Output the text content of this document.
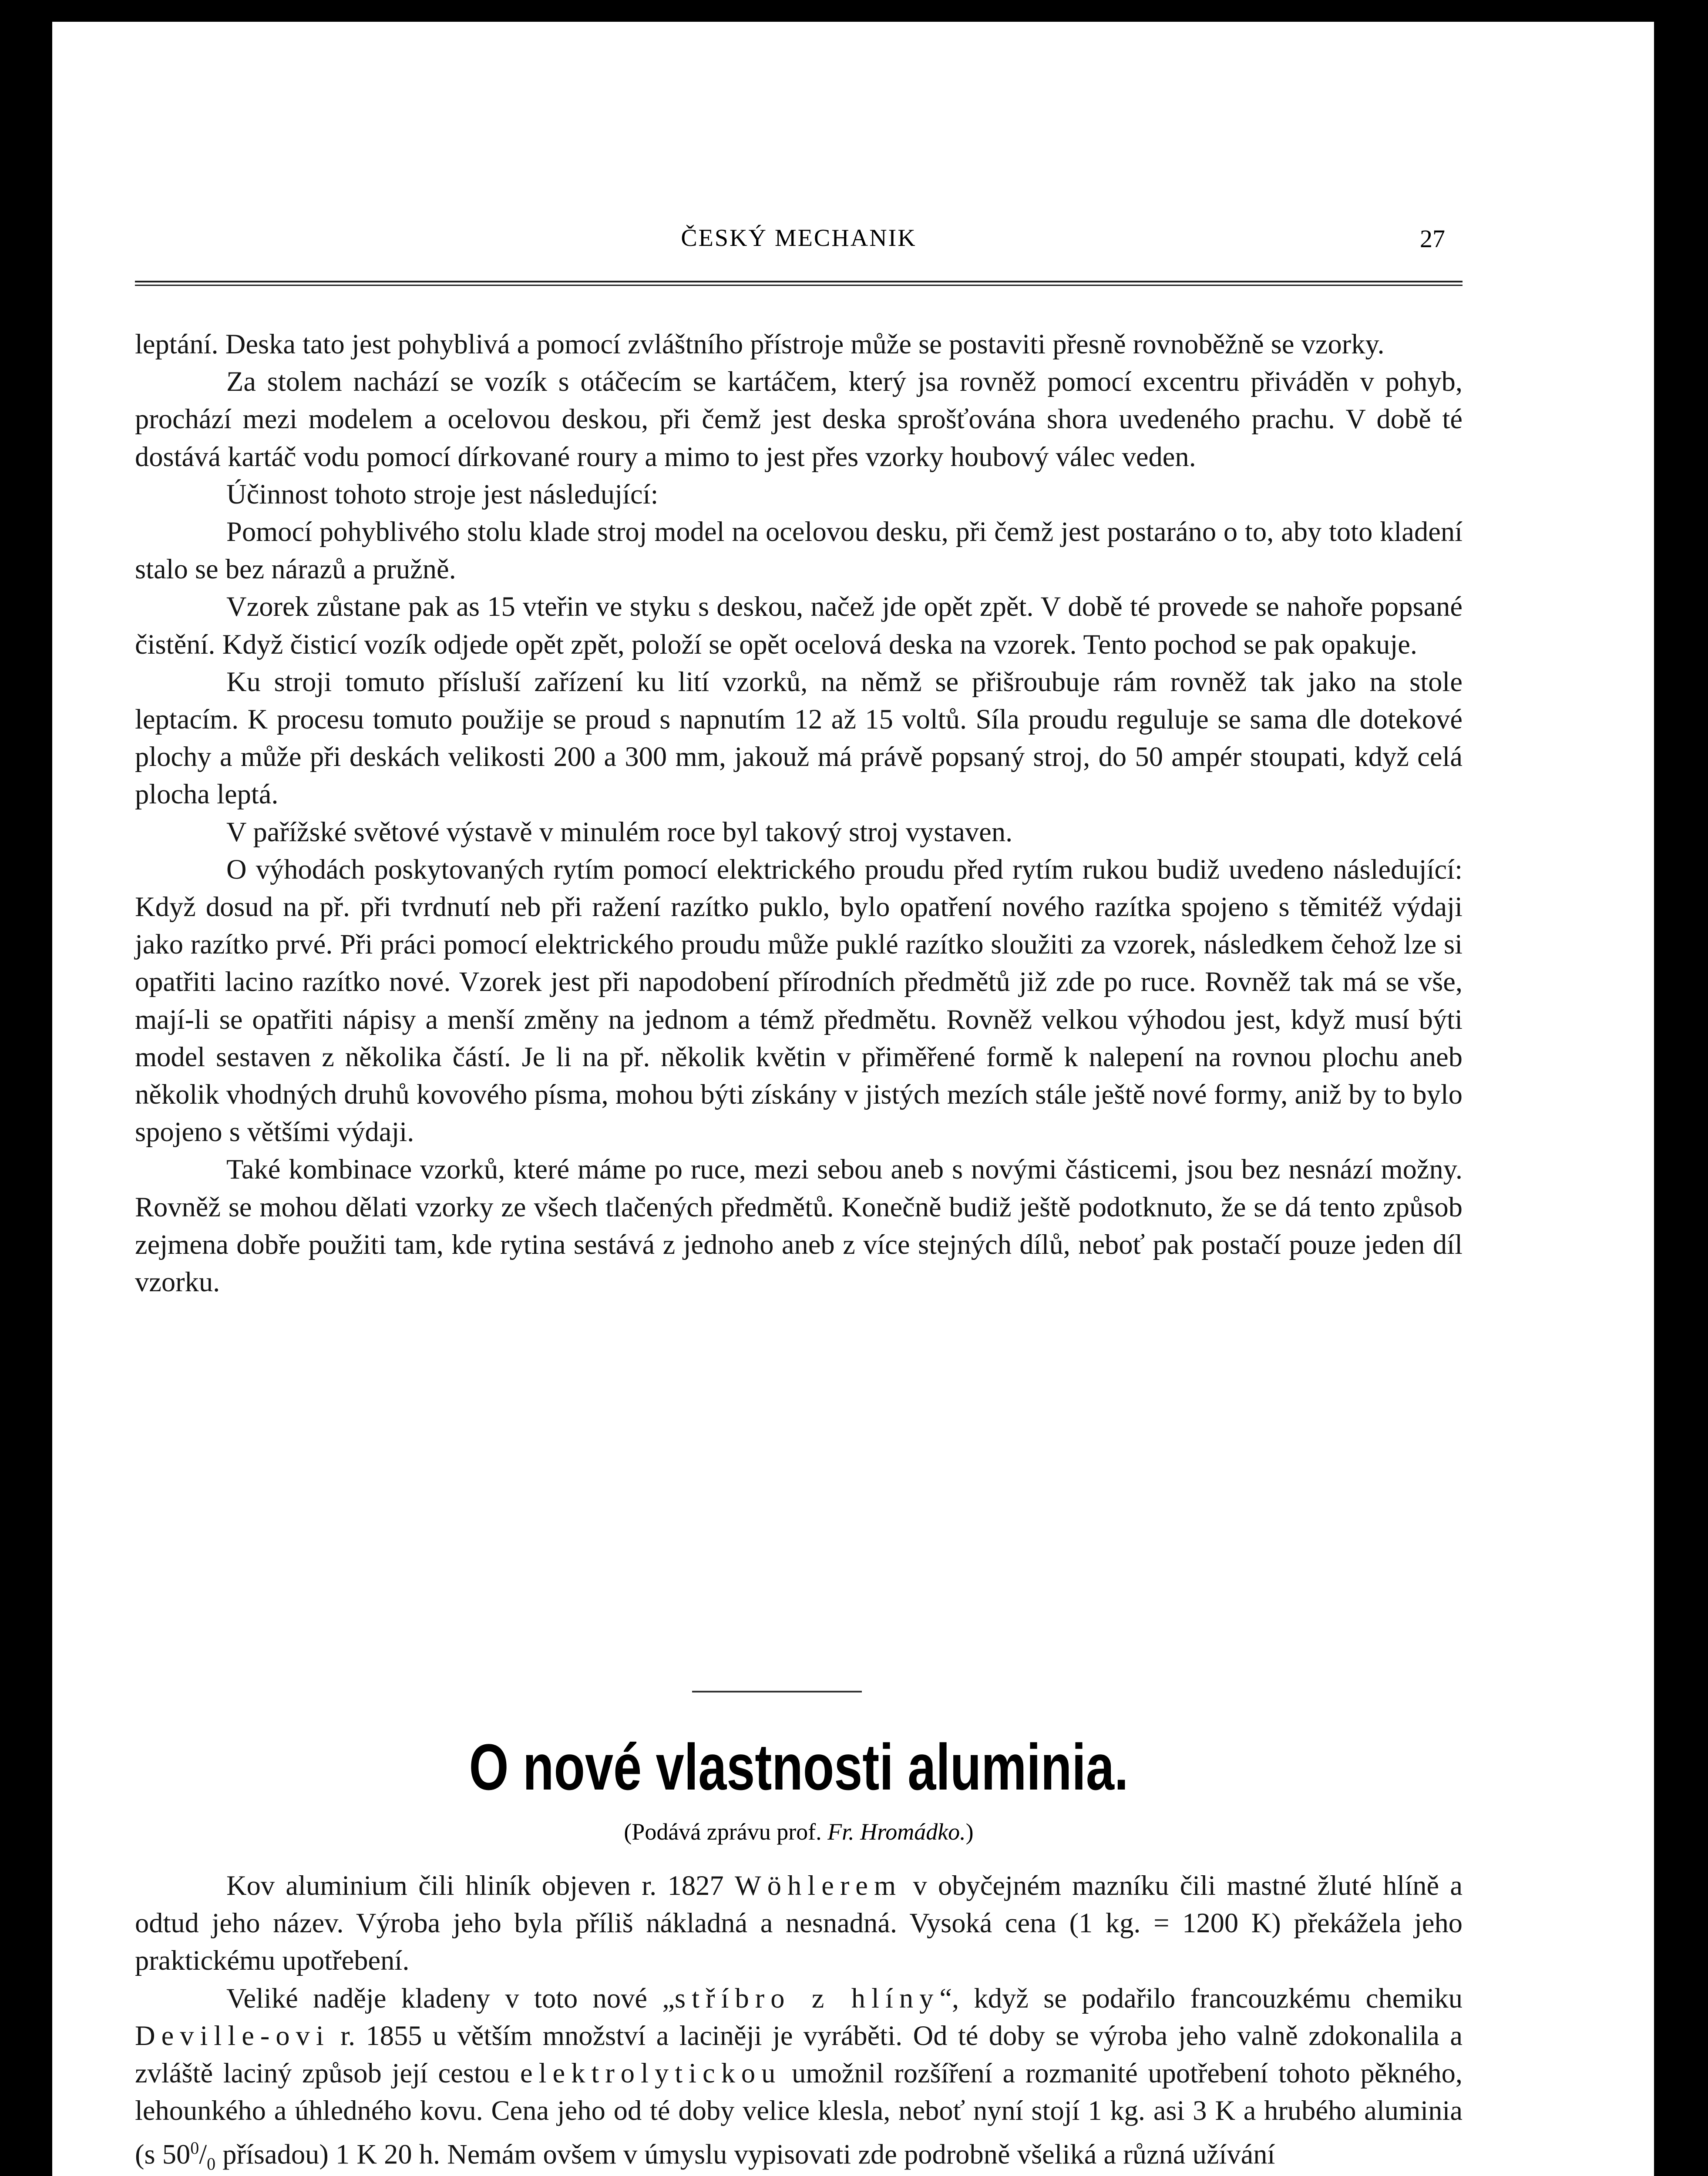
ČESKÝ MECHANIK	27

leptání. Deska tato jest pohyblivá a pomocí zvláštního přístroje může se postaviti přesně rovnoběžně se vzorky.

Za stolem nachází se vozík s otáčecím se kartáčem, který jsa rovněž pomocí excentru přiváděn v pohyb, prochází mezi modelem a ocelovou deskou, při čemž jest deska sprošťována shora uvedeného prachu. V době té dostává kartáč vodu pomocí dírkované roury a mimo to jest přes vzorky houbový válec veden.

Účinnost tohoto stroje jest následující:

Pomocí pohyblivého stolu klade stroj model na ocelovou desku, při čemž jest postaráno o to, aby toto kladení stalo se bez nárazů a pružně.

Vzorek zůstane pak as 15 vteřin ve styku s deskou, načež jde opět zpět. V době té provede se nahoře popsané čistění. Když čisticí vozík odjede opět zpět, položí se opět ocelová deska na vzorek. Tento pochod se pak opakuje.

Ku stroji tomuto přísluší zařízení ku lití vzorků, na němž se přišroubuje rám rovněž tak jako na stole leptacím. K procesu tomuto použije se proud s napnutím 12 až 15 voltů. Síla proudu reguluje se sama dle dotekové plochy a může při deskách velikosti 200 a 300 mm, jakouž má právě popsaný stroj, do 50 ampér stoupati, když celá plocha leptá.

V pařížské světové výstavě v minulém roce byl takový stroj vystaven.

O výhodách poskytovaných rytím pomocí elektrického proudu před rytím rukou budiž uvedeno následující: Když dosud na př. při tvrdnutí neb při ražení razítko puklo, bylo opatření nového razítka spojeno s těmitéž výdaji jako razítko prvé. Při práci pomocí elektrického proudu může puklé razítko sloužiti za vzorek, následkem čehož lze si opatřiti lacino razítko nové. Vzorek jest při napodobení přírodních předmětů již zde po ruce. Rovněž tak má se vše, mají-li se opatřiti nápisy a menší změny na jednom a témž předmětu. Rovněž velkou výhodou jest, když musí býti model sestaven z několika částí. Je li na př. několik květin v přiměřené formě k nalepení na rovnou plochu aneb několik vhodných druhů kovového písma, mohou býti získány v jistých mezích stále ještě nové formy, aniž by to bylo spojeno s většími výdaji.

Také kombinace vzorků, které máme po ruce, mezi sebou aneb s novými částicemi, jsou bez nesnází možny. Rovněž se mohou dělati vzorky ze všech tlačených předmětů. Konečně budiž ještě podotknuto, že se dá tento způsob zejmena dobře použiti tam, kde rytina sestává z jednoho aneb z více stejných dílů, neboť pak postačí pouze jeden díl vzorku.

O nové vlastnosti aluminia.
(Podává zprávu prof. Fr. Hromádko.)

Kov aluminium čili hliník objeven r. 1827 Wöhlerem v obyčejném mazníku čili mastné žluté hlíně a odtud jeho název. Výroba jeho byla příliš nákladná a nesnadná. Vysoká cena (1 kg. = 1200 K) překážela jeho praktickému upotřebení.

Veliké naděje kladeny v toto nové „stříbro z hlíny“, když se podařilo francouzkému chemiku Deville-ovi r. 1855 u větším množství a laciněji je vyráběti. Od té doby se výroba jeho valně zdokonalila a zvláště laciný způsob její cestou elektrolytickou umožnil rozšíření a rozmanité upotřebení tohoto pěkného, lehounkého a úhledného kovu. Cena jeho od té doby velice klesla, neboť nyní stojí 1 kg. asi 3 K a hrubého aluminia (s $50^0/_0$ přísadou) 1 K 20 h. Nemám ovšem v úmyslu vypisovati zde podrobně všeliká a různá užívání
